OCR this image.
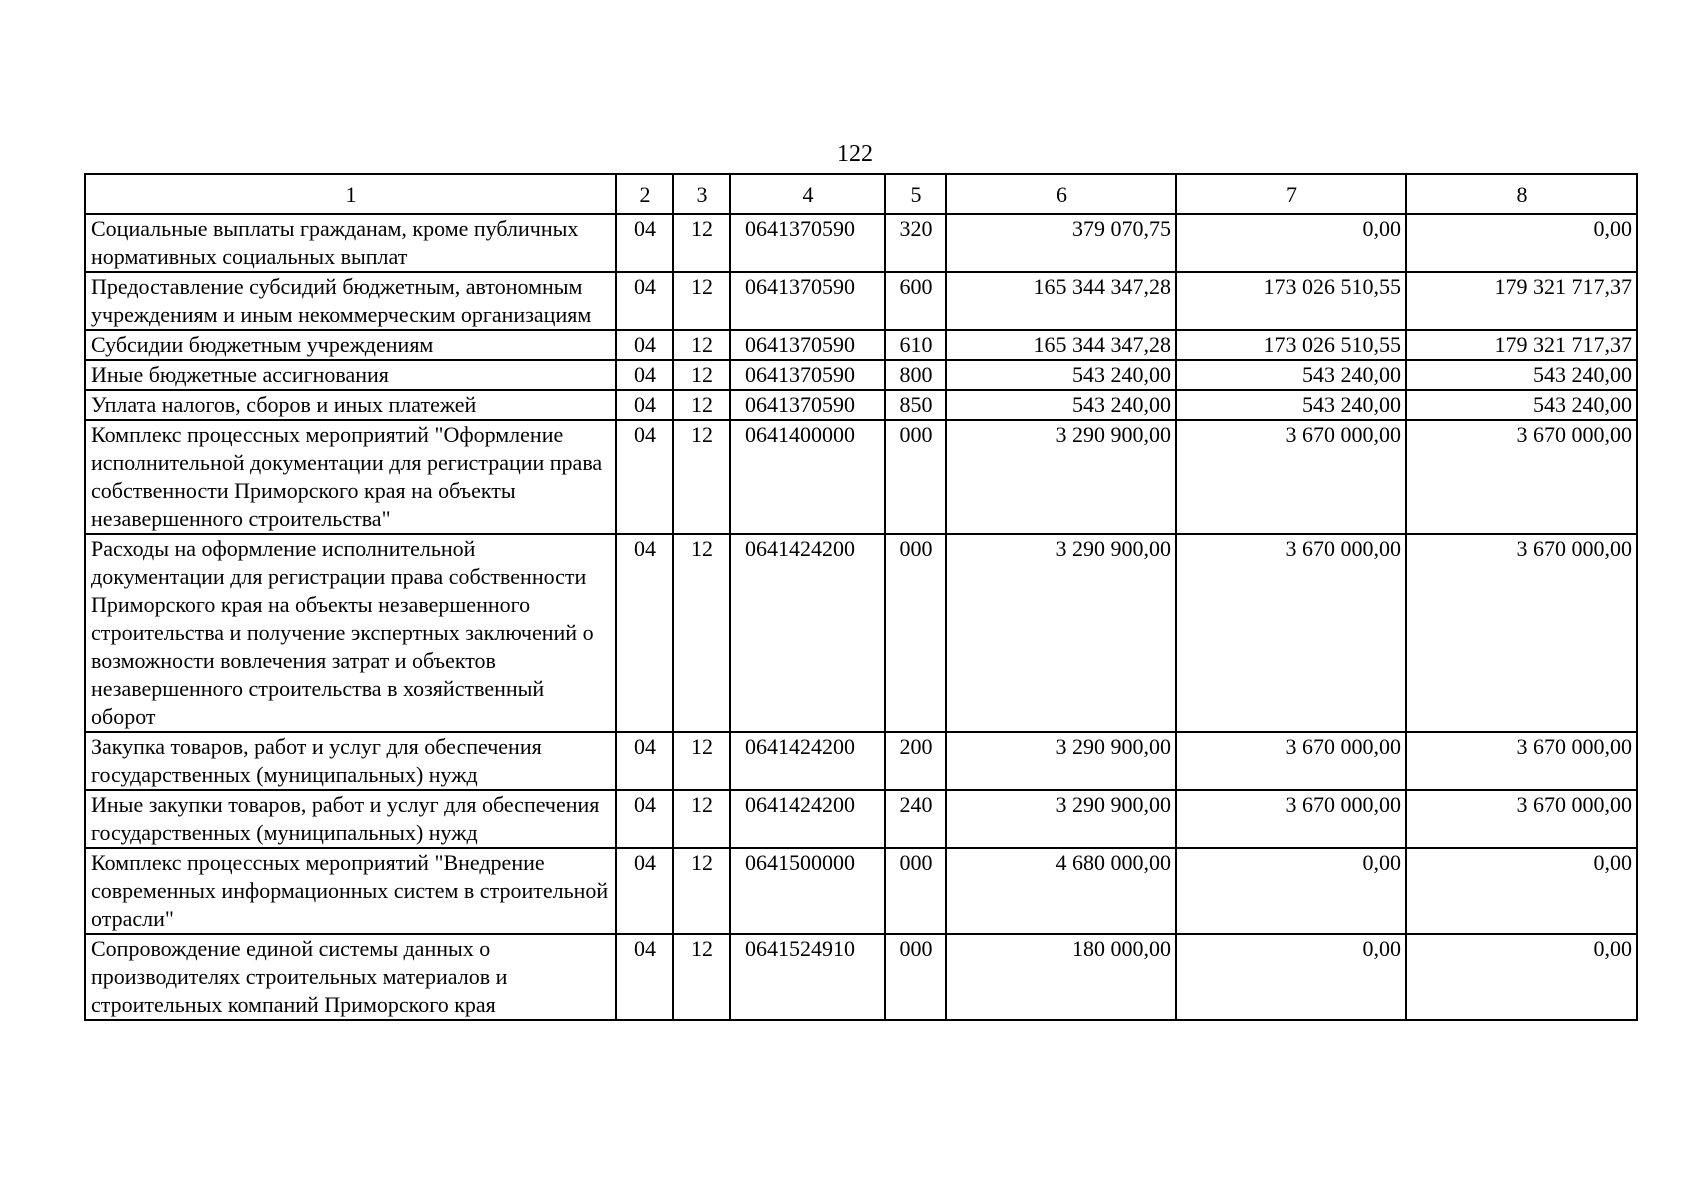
122
1	2	3	4	5	6	7	8
Социальные выплаты гражданам, кроме публичных нормативных социальных выплат	04	12	0641370590	320	379 070,75	0,00	0,00
Предоставление субсидий бюджетным, автономным учреждениям и иным некоммерческим организациям	04	12	0641370590	600	165 344 347,28	173 026 510,55	179 321 717,37
Субсидии бюджетным учреждениям	04	12	0641370590	610	165 344 347,28	173 026 510,55	179 321 717,37
Иные бюджетные ассигнования	04	12	0641370590	800	543 240,00	543 240,00	543 240,00
Уплата налогов, сборов и иных платежей	04	12	0641370590	850	543 240,00	543 240,00	543 240,00
Комплекс процессных мероприятий "Оформление исполнительной документации для регистрации права собственности Приморского края на объекты незавершенного строительства"	04	12	0641400000	000	3 290 900,00	3 670 000,00	3 670 000,00
Расходы на оформление исполнительной документации для регистрации права собственности Приморского края на объекты незавершенного строительства и получение экспертных заключений о возможности вовлечения затрат и объектов незавершенного строительства в хозяйственный оборот	04	12	0641424200	000	3 290 900,00	3 670 000,00	3 670 000,00
Закупка товаров, работ и услуг для обеспечения государственных (муниципальных) нужд	04	12	0641424200	200	3 290 900,00	3 670 000,00	3 670 000,00
Иные закупки товаров, работ и услуг для обеспечения государственных (муниципальных) нужд	04	12	0641424200	240	3 290 900,00	3 670 000,00	3 670 000,00
Комплекс процессных мероприятий "Внедрение современных информационных систем в строительной отрасли"	04	12	0641500000	000	4 680 000,00	0,00	0,00
Сопровождение единой системы данных о производителях строительных материалов и строительных компаний Приморского края	04	12	0641524910	000	180 000,00	0,00	0,00
